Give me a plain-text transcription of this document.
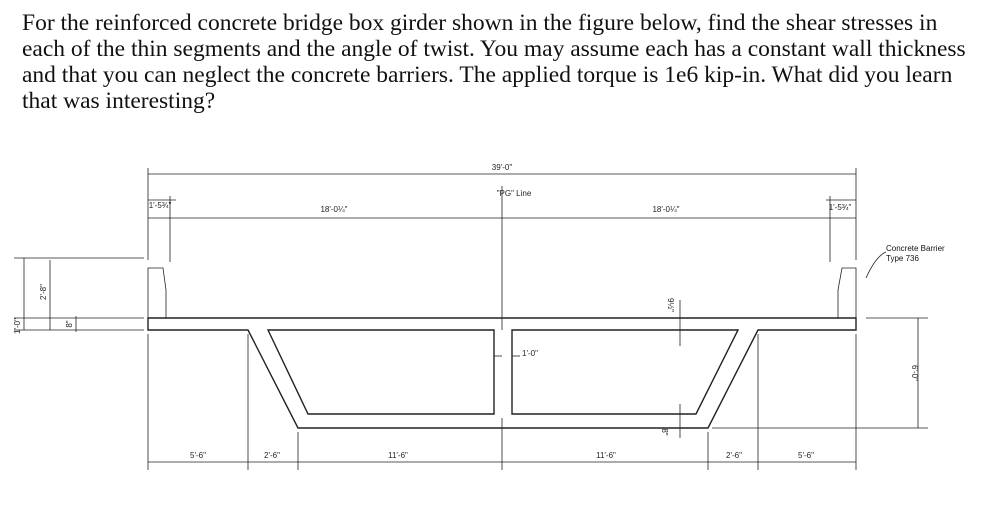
For the reinforced concrete bridge box girder shown in the figure below, find the shear stresses in each of the thin segments and the angle of twist. You may assume each has a constant wall thickness and that you can neglect the concrete barriers. The applied torque is 1e6 kip-in. What did you learn that was interesting?

39'-0"
"PG" Line
1'-5¾"	1'-5¾"
18'-0¼"	18'-0¼"
1'-0"
9½"
8"
6'-0"
1'-0"
2'-8"
8"
Concrete Barrier
Type 736
5'-6"	2'-6"	11'-6"	11'-6"	2'-6"	5'-6"
